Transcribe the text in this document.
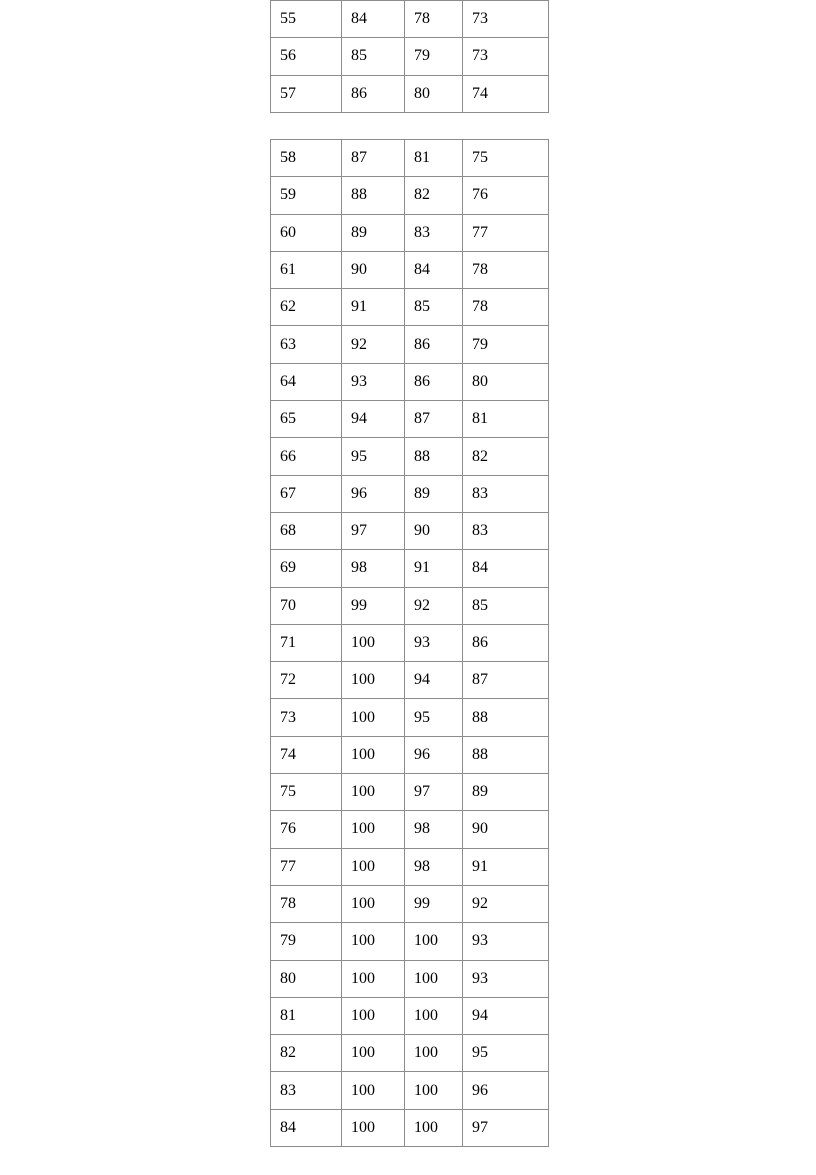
55	84	78	73
56	85	79	73
57	86	80	74
58	87	81	75
59	88	82	76
60	89	83	77
61	90	84	78
62	91	85	78
63	92	86	79
64	93	86	80
65	94	87	81
66	95	88	82
67	96	89	83
68	97	90	83
69	98	91	84
70	99	92	85
71	100	93	86
72	100	94	87
73	100	95	88
74	100	96	88
75	100	97	89
76	100	98	90
77	100	98	91
78	100	99	92
79	100	100	93
80	100	100	93
81	100	100	94
82	100	100	95
83	100	100	96
84	100	100	97
